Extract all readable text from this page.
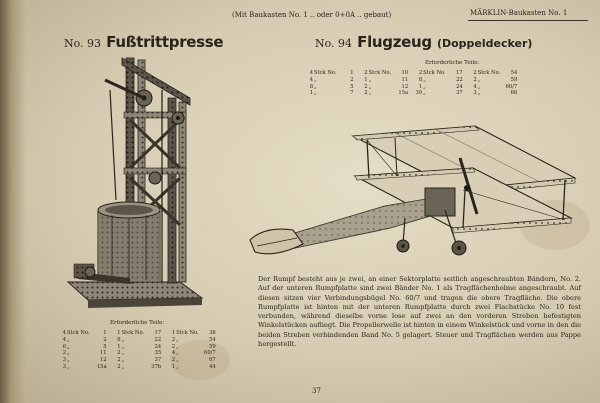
(Mit Baukasten No. 1 .. oder 0+0A .. gebaut)	MÄRKLIN-Baukasten No. 1
No. 93 Fußtrittpresse	No. 94 Flugzeug (Doppeldecker)
Erforderliche Teile:
4	Stck No.	1	2	Stck No.	10	2	Stck No.	17	2	Stck No.	54
4	„	2	1	„	11	8	„	22	2	„	59
8	„	5	2	„	12	1	„	24	4	„	60/7
1	„	7	2	„	15a	30	„	37	3	„	66
Erforderliche Teile:
4	Stck No.	1	1	Stck No.	17	1	Stck No.	38
4	„	2	6	„	22	2	„	54
6	„	5	1	„	24	2	„	59
2	„	11	2	„	35	4	„	60/7
3	„	12	2	„	37	2	„	67
3	„	15a	2	„	37b	1	„	44
Der Rumpf besteht aus je zwei, an einer Sektorplatte seitlich angeschraubten Bändern, No. 2. Auf der unteren Rumpfplatte sind zwei Bänder No. 1 als Tragflächenholme angeschraubt. Auf diesen sitzen vier Verbindungsbügel No. 60/7 und tragen die obere Tragfläche. Die obere Rumpfplatte ist hinten mit der unteren Rumpfplatte durch zwei Flachstücke No. 10 fest verbunden, während dieselbe vorne lose auf zwei an den vorderen Streben befestigten Winkelstücken aufliegt. Die Propellerwelle ist hinten in einem Winkelstück und vorne in den die beiden Streben verbindenden Band No. 5 gelagert. Steuer und Tragflächen werden aus Pappe hergestellt.
37
